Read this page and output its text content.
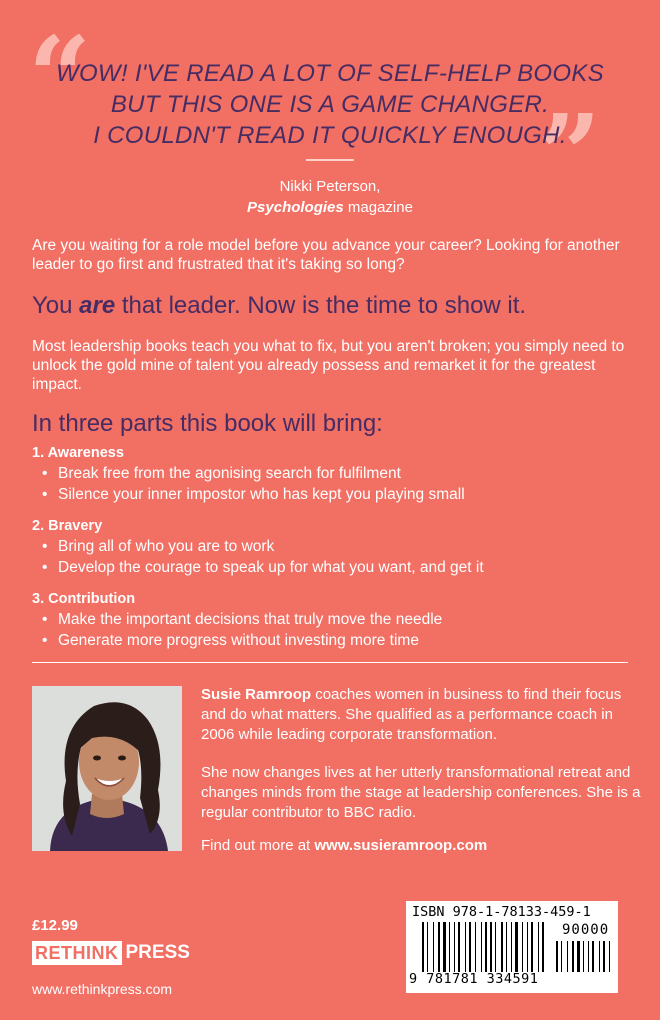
“
”
WOW! I'VE READ A LOT OF SELF-HELP BOOKS
BUT THIS ONE IS A GAME CHANGER.
I COULDN'T READ IT QUICKLY ENOUGH.
Nikki Peterson,
Psychologies magazine
Are you waiting for a role model before you advance your career? Looking for another leader to go first and frustrated that it's taking so long?
You are that leader. Now is the time to show it.
Most leadership books teach you what to fix, but you aren't broken; you simply need to unlock the gold mine of talent you already possess and remarket it for the greatest impact.
In three parts this book will bring:
1. Awareness
• Break free from the agonising search for fulfilment
• Silence your inner impostor who has kept you playing small
2. Bravery
• Bring all of who you are to work
• Develop the courage to speak up for what you want, and get it
3. Contribution
• Make the important decisions that truly move the needle
• Generate more progress without investing more time
Susie Ramroop coaches women in business to find their focus and do what matters. She qualified as a performance coach in 2006 while leading corporate transformation.
She now changes lives at her utterly transformational retreat and changes minds from the stage at leadership conferences. She is a regular contributor to BBC radio.
Find out more at www.susieramroop.com
£12.99
RETHINK PRESS
www.rethinkpress.com
ISBN 978-1-78133-459-1
90000
9 781781 334591
